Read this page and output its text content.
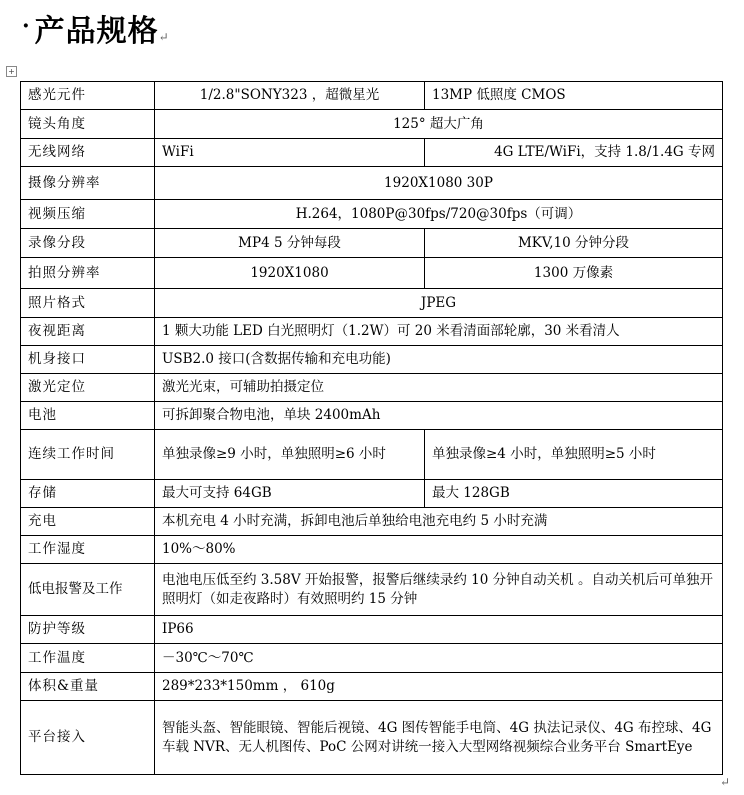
· 产品规格↵
+
感光元件	1/2.8"SONY323 ，超微星光	13MP 低照度 CMOS
镜头角度	125° 超大广角	
无线网络	WiFi	4G LTE/WiFi，支持 1.8/1.4G 专网
摄像分辨率	1920X1080 30P	
视频压缩	H.264，1080P@30fps/720@30fps（可调）	
录像分段	MP4 5 分钟每段	MKV,10 分钟分段
拍照分辨率	1920X1080	1300 万像素
照片格式	JPEG	
夜视距离	1 颗大功能 LED 白光照明灯（1.2W）可 20 米看清面部轮廓，30 米看清人	
机身接口	USB2.0 接口(含数据传输和充电功能)	
激光定位	激光光束，可辅助拍摄定位	
电池	可拆卸聚合物电池，单块 2400mAh	
连续工作时间	单独录像≥9 小时，单独照明≥6 小时	单独录像≥4 小时，单独照明≥5 小时
存储	最大可支持 64GB	最大 128GB
充电	本机充电 4 小时充满，拆卸电池后单独给电池充电约 5 小时充满	
工作湿度	10%～80%	
低电报警及工作	电池电压低至约 3.58V 开始报警，报警后继续录约 10 分钟自动关机 。自动关机后可单独开照明灯（如走夜路时）有效照明约 15 分钟	
防护等级	IP66	
工作温度	－30℃～70℃	
体积&重量	289*233*150mm ， 610g	
平台接入	智能头盔、智能眼镜、智能后视镜、4G 图传智能手电筒、4G 执法记录仪、4G 布控球、4G 车载 NVR、无人机图传、PoC 公网对讲统一接入大型网络视频综合业务平台 SmartEye	
↵
